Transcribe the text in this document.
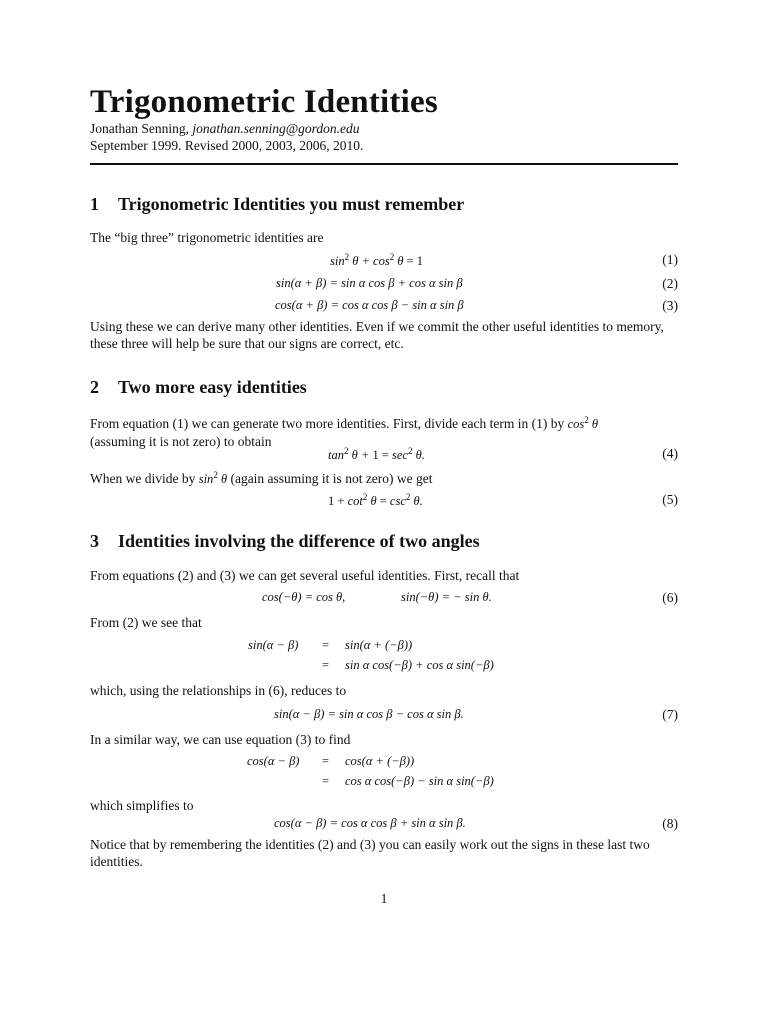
Trigonometric Identities
Jonathan Senning, jonathan.senning@gordon.edu
September 1999. Revised 2000, 2003, 2006, 2010.
1 Trigonometric Identities you must remember
The “big three” trigonometric identities are
$\sin^2 \theta + \cos^2 \theta = 1$	(1)
sin(α + β) = sin α cos β + cos α sin β	(2)
cos(α + β) = cos α cos β − sin α sin β	(3)
Using these we can derive many other identities. Even if we commit the other useful identities to memory, these three will help be sure that our signs are correct, etc.
2 Two more easy identities
From equation (1) we can generate two more identities. First, divide each term in (1) by $\cos^2 \theta$
(assuming it is not zero) to obtain
$\tan^2 \theta + 1 = \sec^2 \theta$.	(4)
When we divide by $\sin^2 \theta$ (again assuming it is not zero) we get
$1 + \cot^2 \theta = \csc^2 \theta$.	(5)
3 Identities involving the difference of two angles
From equations (2) and (3) we can get several useful identities. First, recall that
cos(−θ) = cos θ,	sin(−θ) = − sin θ.	(6)
From (2) we see that
sin(α − β) = sin(α + (−β))
= sin α cos(−β) + cos α sin(−β)
which, using the relationships in (6), reduces to
sin(α − β) = sin α cos β − cos α sin β.	(7)
In a similar way, we can use equation (3) to find
cos(α − β) = cos(α + (−β))
= cos α cos(−β) − sin α sin(−β)
which simplifies to
cos(α − β) = cos α cos β + sin α sin β.	(8)
Notice that by remembering the identities (2) and (3) you can easily work out the signs in these last two identities.
1
